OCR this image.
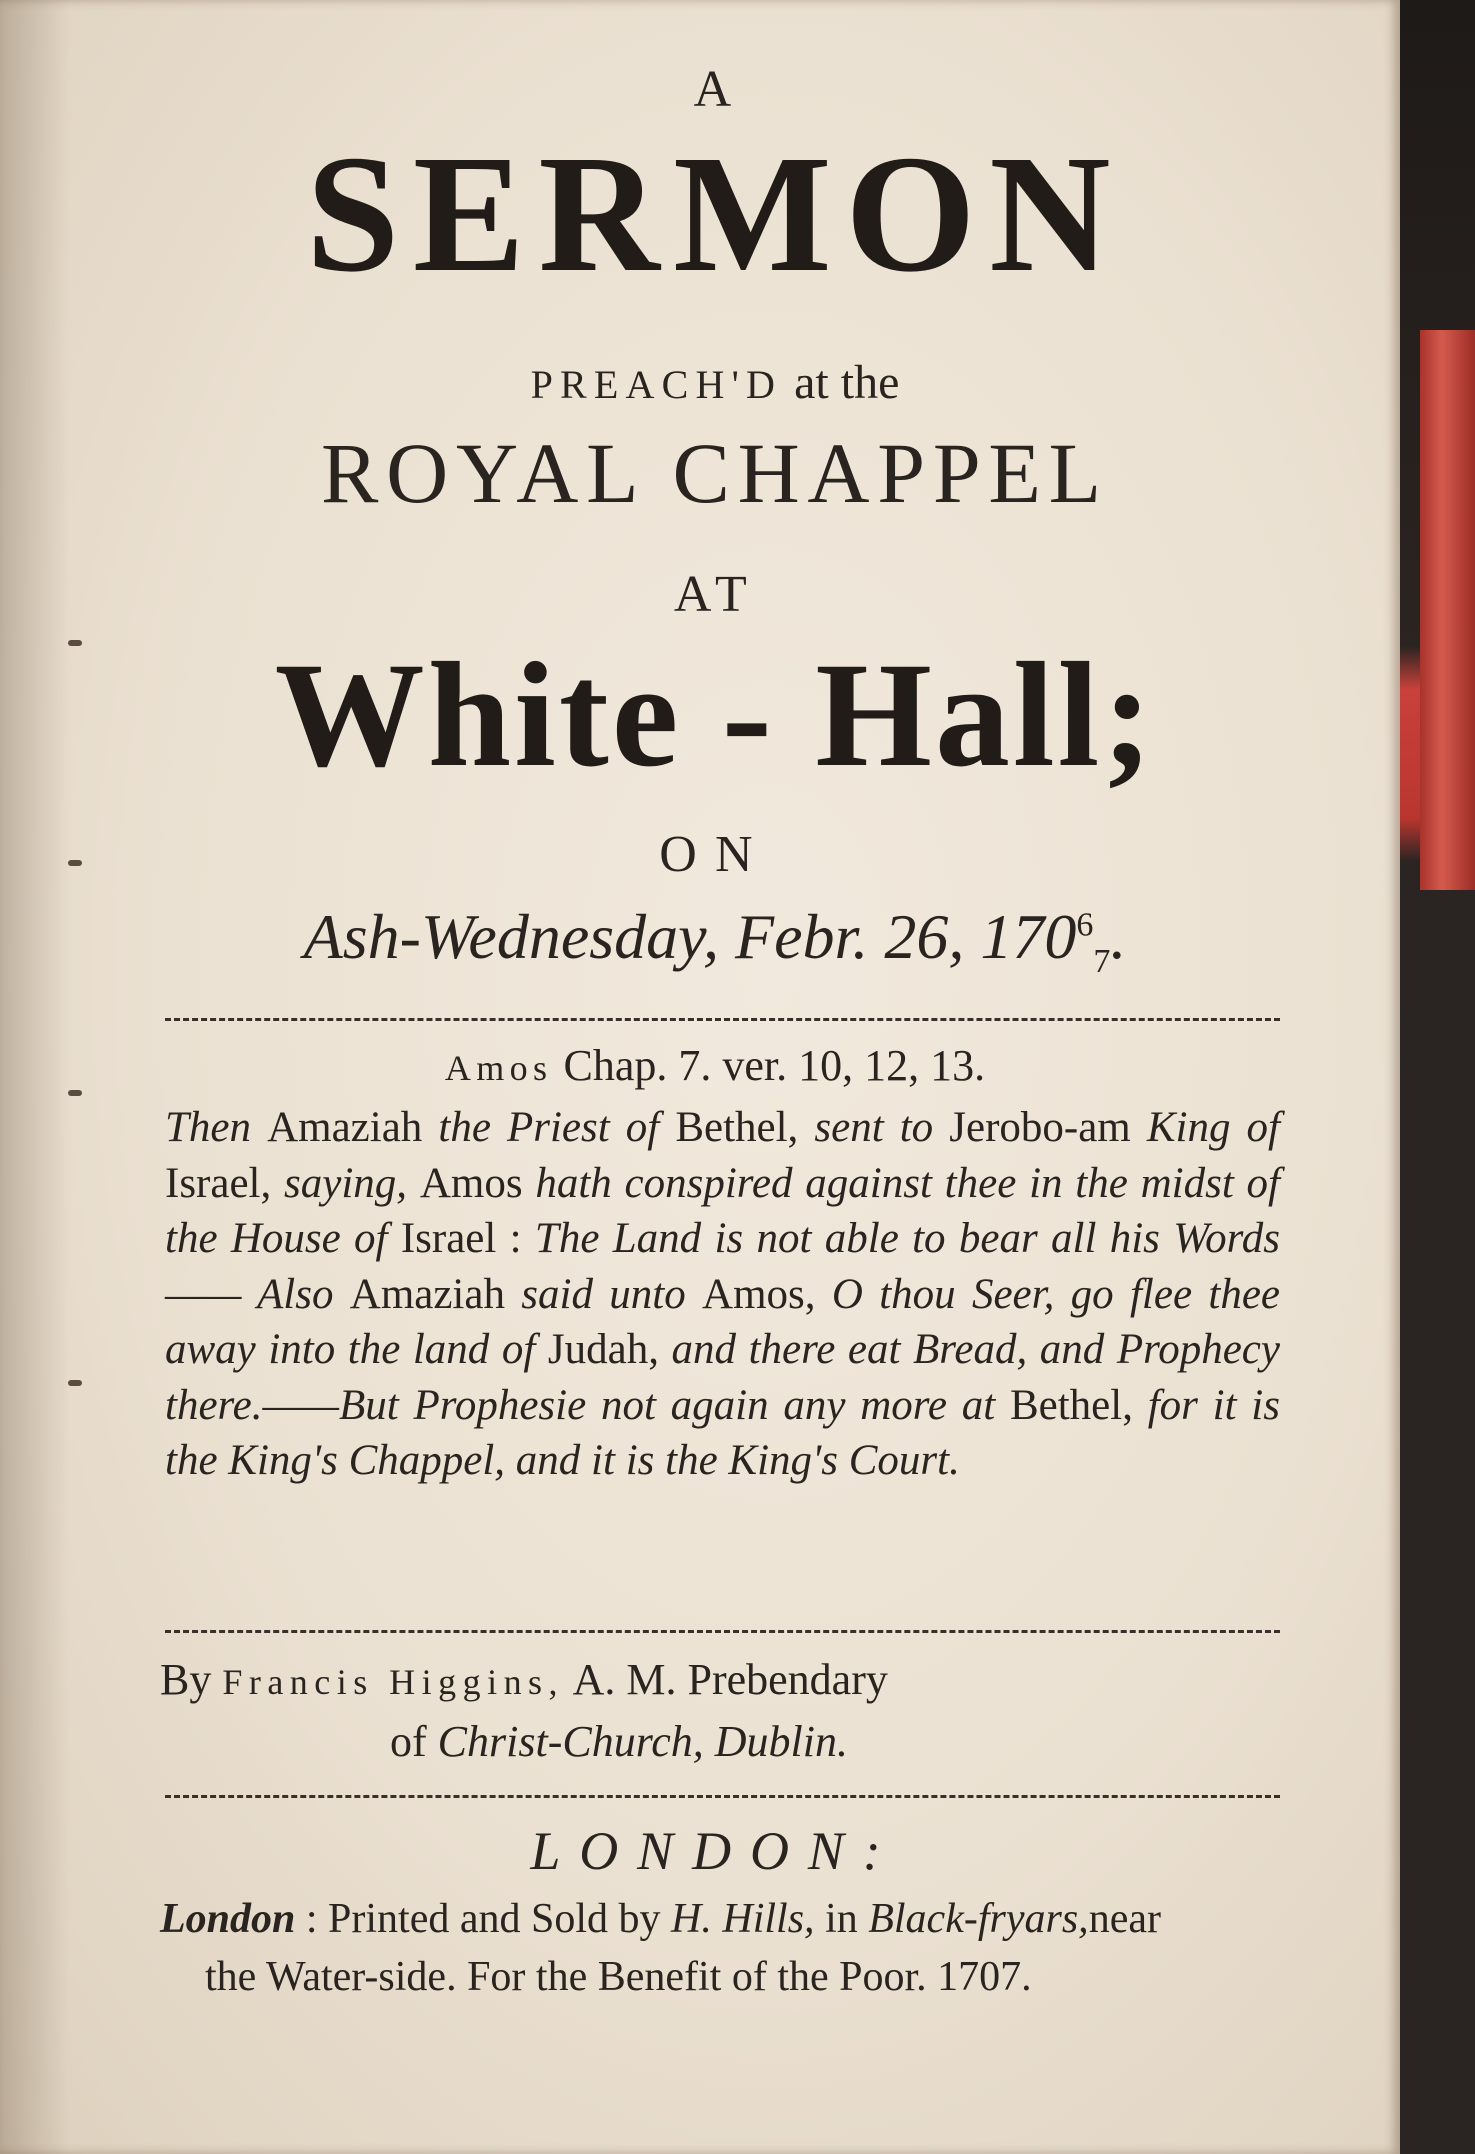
A
SERMON
PREACH'D at the
ROYAL CHAPPEL
AT
White - Hall;
ON
Ash-Wednesday, Febr. 26, $170^6_7$.
Amos Chap. 7. ver. 10, 12, 13.
Then Amaziah the Priest of Bethel, sent to Jerobo-am King of Israel, saying, Amos hath conspired against thee in the midst of the House of Israel : The Land is not able to bear all his Words—— Also Amaziah said unto Amos, O thou Seer, go flee thee away into the land of Judah, and there eat Bread, and Prophecy there.——But Prophesie not again any more at Bethel, for it is the King's Chappel, and it is the King's Court.
By Francis Higgins, A. M. Prebendary
of Christ-Church, Dublin.
LONDON:
London : Printed and Sold by H. Hills, in Black-fryars,near
the Water-side. For the Benefit of the Poor. 1707.
